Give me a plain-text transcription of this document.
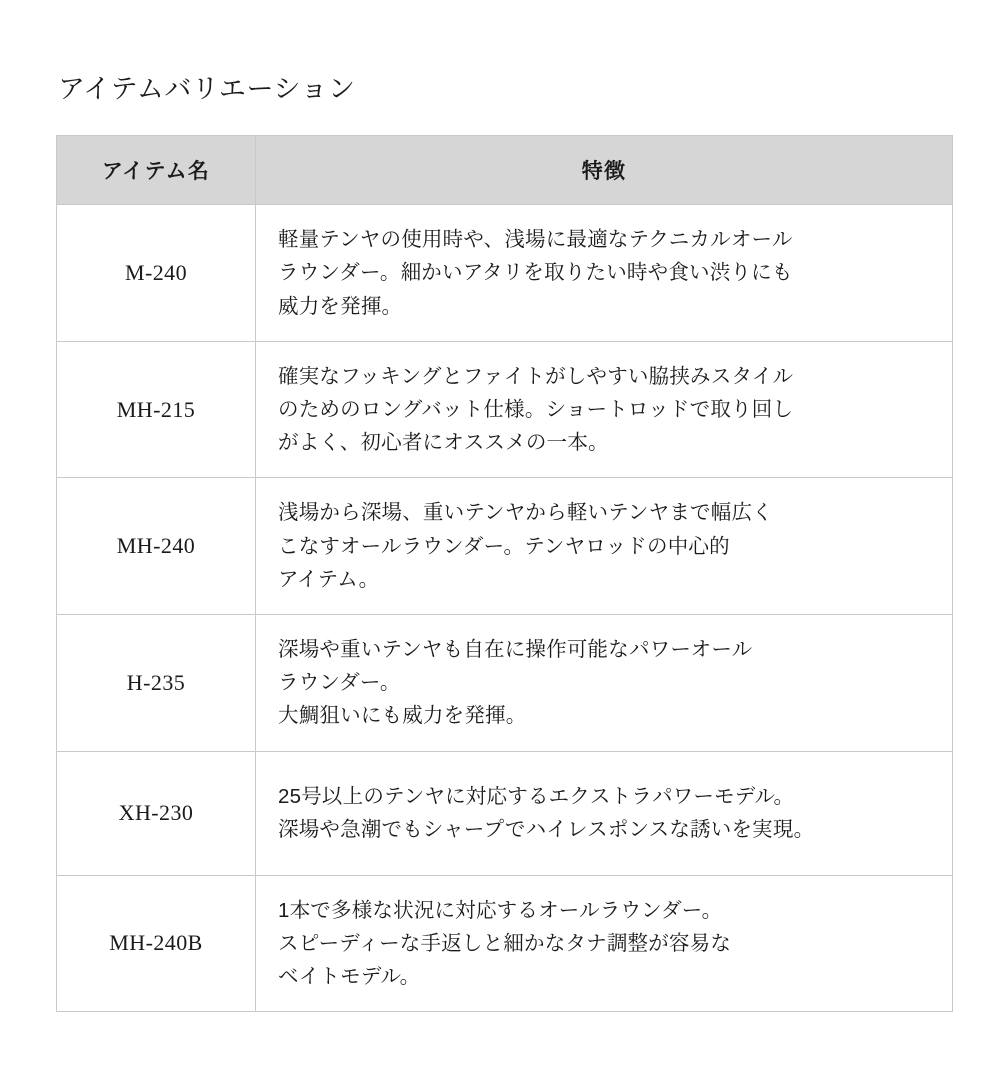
アイテムバリエーション
アイテム名	特徴
M-240	軽量テンヤの使用時や、浅場に最適なテクニカルオール
ラウンダー。細かいアタリを取りたい時や食い渋りにも
威力を発揮。

MH-215	確実なフッキングとファイトがしやすい脇挟みスタイル
のためのロングバット仕様。ショートロッドで取り回し
がよく、初心者にオススメの一本。

MH-240	浅場から深場、重いテンヤから軽いテンヤまで幅広く
こなすオールラウンダー。テンヤロッドの中心的
アイテム。

H-235	深場や重いテンヤも自在に操作可能なパワーオール
ラウンダー。
大鯛狙いにも威力を発揮。

XH-230	25号以上のテンヤに対応するエクストラパワーモデル。
深場や急潮でもシャープでハイレスポンスな誘いを実現。

MH-240B	1本で多様な状況に対応するオールラウンダー。
スピーディーな手返しと細かなタナ調整が容易な
ベイトモデル。
